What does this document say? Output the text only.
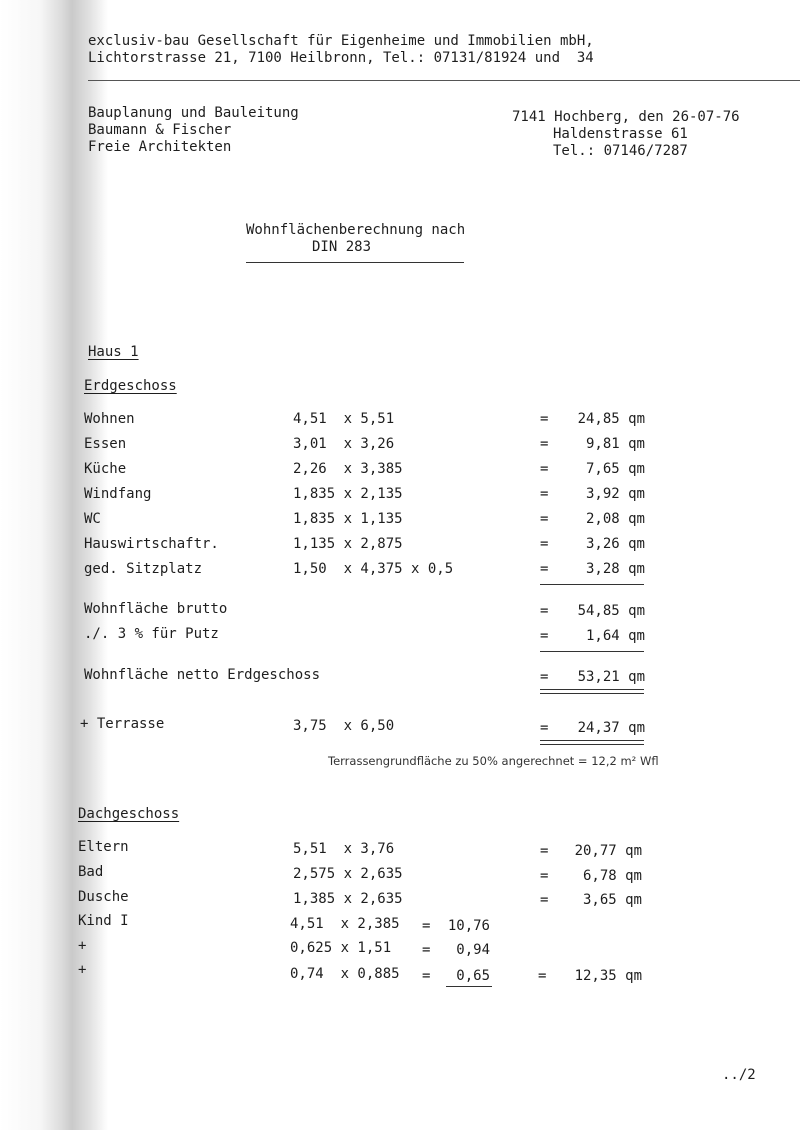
exclusiv-bau Gesellschaft für Eigenheime und Immobilien mbH,
Lichtorstrasse 21, 7100 Heilbronn, Tel.: 07131/81924 und  34
Bauplanung und Bauleitung
Baumann & Fischer
Freie Architekten
7141 Hochberg, den 26-07-76
Haldenstrasse 61
Tel.: 07146/7287
Wohnflächenberechnung nach
DIN 283
Haus 1
Erdgeschoss
Wohnen	4,51  x 5,51	=	24,85 qm
Essen	3,01  x 3,26	=	9,81 qm
Küche	2,26  x 3,385	=	7,65 qm
Windfang	1,835 x 2,135	=	3,92 qm
WC	1,835 x 1,135	=	2,08 qm
Hauswirtschaftr.	1,135 x 2,875	=	3,26 qm
ged. Sitzplatz	1,50  x 4,375 x 0,5	=	3,28 qm
Wohnfläche brutto	=	54,85 qm
./. 3 % für Putz	=	1,64 qm
Wohnfläche netto Erdgeschoss	=	53,21 qm
+ Terrasse	3,75  x 6,50	=	24,37 qm
Terrassengrundfläche zu 50% angerechnet = 12,2 m² Wfl
Dachgeschoss
Eltern	5,51  x 3,76	=	20,77 qm
Bad	2,575 x 2,635	=	6,78 qm
Dusche	1,385 x 2,635	=	3,65 qm
Kind I	4,51  x 2,385 =	10,76
+	0,625 x 1,51 =	0,94
+	0,74  x 0,885 =	0,65	=	12,35 qm
../2
